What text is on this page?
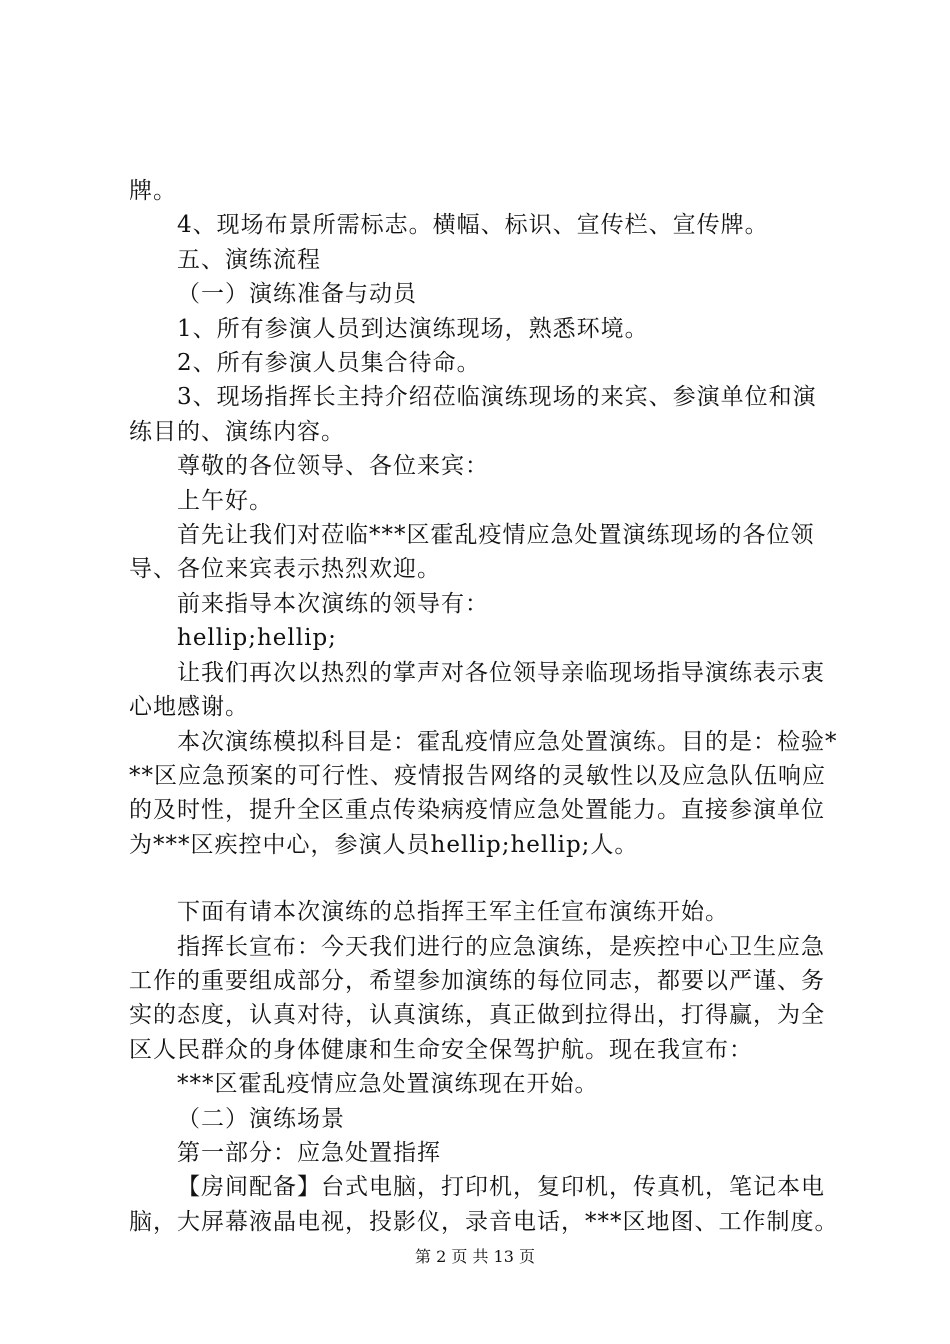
牌。

4、现场布景所需标志。横幅、标识、宣传栏、宣传牌。

五、演练流程

（一）演练准备与动员

1、所有参演人员到达演练现场，熟悉环境。

2、所有参演人员集合待命。

3、现场指挥长主持介绍莅临演练现场的来宾、参演单位和演练目的、演练内容。

尊敬的各位领导、各位来宾：

上午好。

首先让我们对莅临***区霍乱疫情应急处置演练现场的各位领导、各位来宾表示热烈欢迎。

前来指导本次演练的领导有：

hellip;hellip;

让我们再次以热烈的掌声对各位领导亲临现场指导演练表示衷心地感谢。

本次演练模拟科目是：霍乱疫情应急处置演练。目的是：检验***区应急预案的可行性、疫情报告网络的灵敏性以及应急队伍响应的及时性，提升全区重点传染病疫情应急处置能力。直接参演单位为***区疾控中心，参演人员hellip;hellip;人。

下面有请本次演练的总指挥王军主任宣布演练开始。

指挥长宣布：今天我们进行的应急演练，是疾控中心卫生应急工作的重要组成部分，希望参加演练的每位同志，都要以严谨、务实的态度，认真对待，认真演练，真正做到拉得出，打得赢，为全区人民群众的身体健康和生命安全保驾护航。现在我宣布：

***区霍乱疫情应急处置演练现在开始。

（二）演练场景

第一部分：应急处置指挥

【房间配备】台式电脑，打印机，复印机，传真机，笔记本电脑，大屏幕液晶电视，投影仪，录音电话，***区地图、工作制度。

第 2 页 共 13 页
